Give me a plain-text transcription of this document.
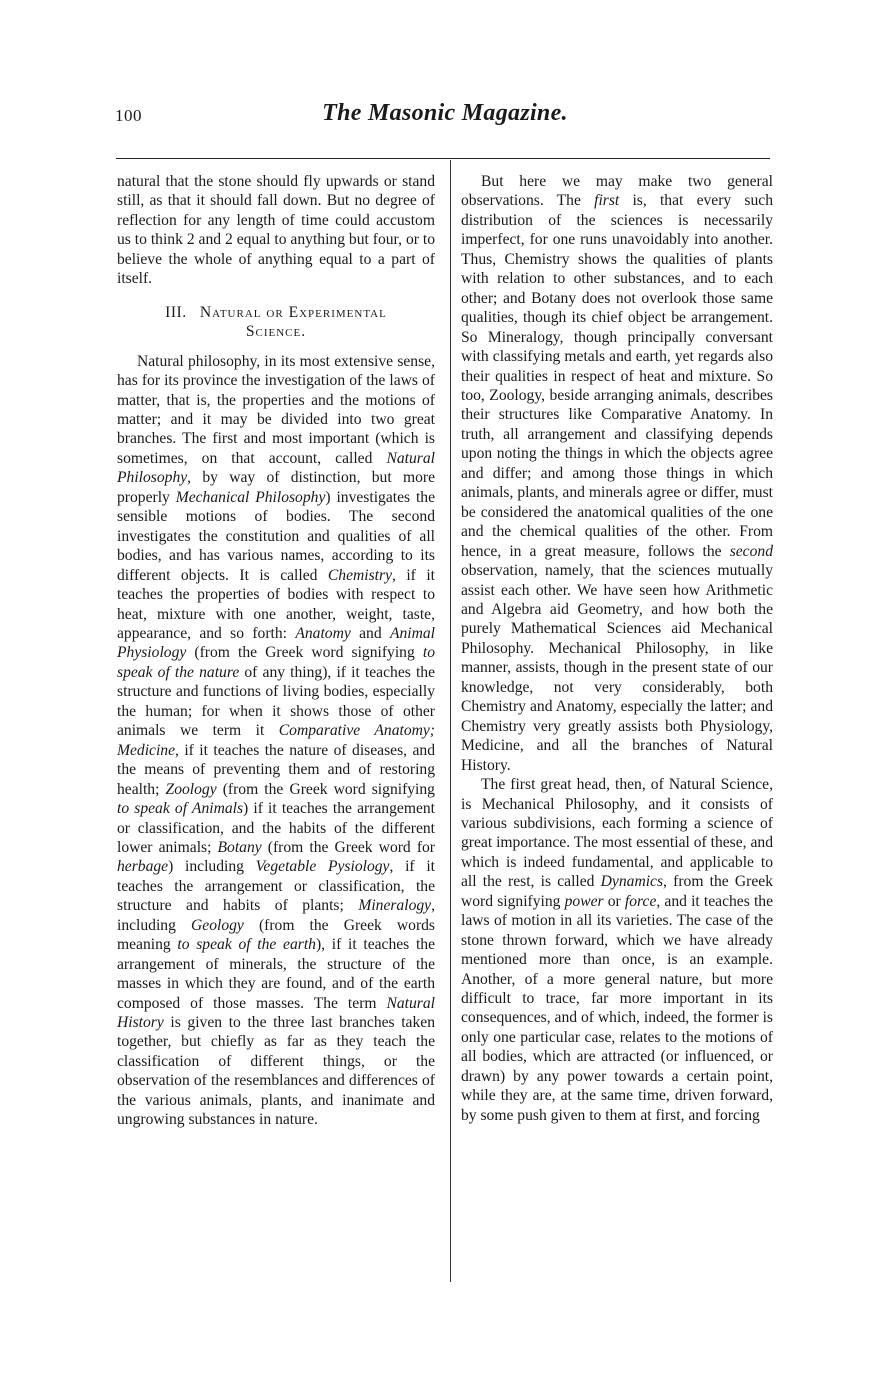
100	The Masonic Magazine.

natural that the stone should fly upwards or stand still, as that it should fall down. But no degree of reflection for any length of time could accustom us to think 2 and 2 equal to anything but four, or to believe the whole of anything equal to a part of itself.

III. Natural or Experimental
Science.

Natural philosophy, in its most extensive sense, has for its province the investigation of the laws of matter, that is, the properties and the motions of matter; and it may be divided into two great branches. The first and most important (which is sometimes, on that account, called Natural Philosophy, by way of distinction, but more properly Mechanical Philosophy) investigates the sensible motions of bodies. The second investigates the constitution and qualities of all bodies, and has various names, according to its different objects. It is called Chemistry, if it teaches the properties of bodies with respect to heat, mixture with one another, weight, taste, appearance, and so forth: Anatomy and Animal Physiology (from the Greek word signifying to speak of the nature of any thing), if it teaches the structure and functions of living bodies, especially the human; for when it shows those of other animals we term it Comparative Anatomy; Medicine, if it teaches the nature of diseases, and the means of preventing them and of restoring health; Zoology (from the Greek word signifying to speak of Animals) if it teaches the arrangement or classification, and the habits of the different lower animals; Botany (from the Greek word for herbage) including Vegetable Pysiology, if it teaches the arrangement or classification, the structure and habits of plants; Mineralogy, including Geology (from the Greek words meaning to speak of the earth), if it teaches the arrangement of minerals, the structure of the masses in which they are found, and of the earth composed of those masses. The term Natural History is given to the three last branches taken together, but chiefly as far as they teach the classification of different things, or the observation of the resemblances and differences of the various animals, plants, and inanimate and ungrowing substances in nature.

But here we may make two general observations. The first is, that every such distribution of the sciences is necessarily imperfect, for one runs unavoidably into another. Thus, Chemistry shows the qualities of plants with relation to other substances, and to each other; and Botany does not overlook those same qualities, though its chief object be arrangement. So Mineralogy, though principally conversant with classifying metals and earth, yet regards also their qualities in respect of heat and mixture. So too, Zoology, beside arranging animals, describes their structures like Comparative Anatomy. In truth, all arrangement and classifying depends upon noting the things in which the objects agree and differ; and among those things in which animals, plants, and minerals agree or differ, must be considered the anatomical qualities of the one and the chemical qualities of the other. From hence, in a great measure, follows the second observation, namely, that the sciences mutually assist each other. We have seen how Arithmetic and Algebra aid Geometry, and how both the purely Mathematical Sciences aid Mechanical Philosophy. Mechanical Philosophy, in like manner, assists, though in the present state of our knowledge, not very considerably, both Chemistry and Anatomy, especially the latter; and Chemistry very greatly assists both Physiology, Medicine, and all the branches of Natural History.

The first great head, then, of Natural Science, is Mechanical Philosophy, and it consists of various subdivisions, each forming a science of great importance. The most essential of these, and which is indeed fundamental, and applicable to all the rest, is called Dynamics, from the Greek word signifying power or force, and it teaches the laws of motion in all its varieties. The case of the stone thrown forward, which we have already mentioned more than once, is an example. Another, of a more general nature, but more difficult to trace, far more important in its consequences, and of which, indeed, the former is only one particular case, relates to the motions of all bodies, which are attracted (or influenced, or drawn) by any power towards a certain point, while they are, at the same time, driven forward, by some push given to them at first, and forcing
